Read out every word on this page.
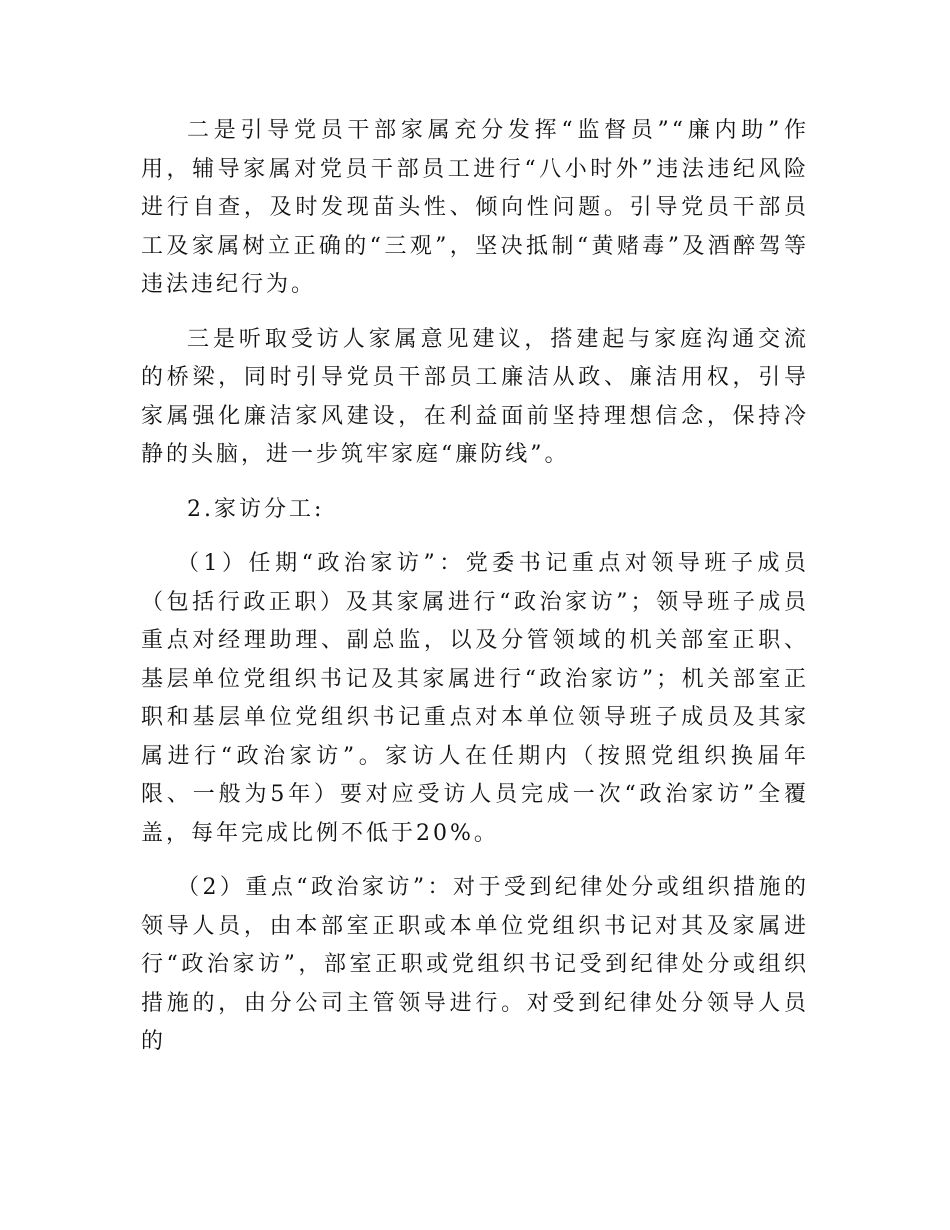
二是引导党员干部家属充分发挥“监督员”“廉内助”作用，辅导家属对党员干部员工进行“八小时外”违法违纪风险进行自查，及时发现苗头性、倾向性问题。引导党员干部员工及家属树立正确的“三观”，坚决抵制“黄赌毒”及酒醉驾等违法违纪行为。

三是听取受访人家属意见建议，搭建起与家庭沟通交流的桥梁，同时引导党员干部员工廉洁从政、廉洁用权，引导家属强化廉洁家风建设，在利益面前坚持理想信念，保持冷静的头脑，进一步筑牢家庭“廉防线”。

2.家访分工:

（1）任期“政治家访”：党委书记重点对领导班子成员（包括行政正职）及其家属进行“政治家访”；领导班子成员重点对经理助理、副总监，以及分管领域的机关部室正职、基层单位党组织书记及其家属进行“政治家访”；机关部室正职和基层单位党组织书记重点对本单位领导班子成员及其家属进行“政治家访”。家访人在任期内（按照党组织换届年限、一般为5年）要对应受访人员完成一次“政治家访”全覆盖，每年完成比例不低于20%。

（2）重点“政治家访”：对于受到纪律处分或组织措施的领导人员，由本部室正职或本单位党组织书记对其及家属进行“政治家访”，部室正职或党组织书记受到纪律处分或组织措施的，由分公司主管领导进行。对受到纪律处分领导人员的
